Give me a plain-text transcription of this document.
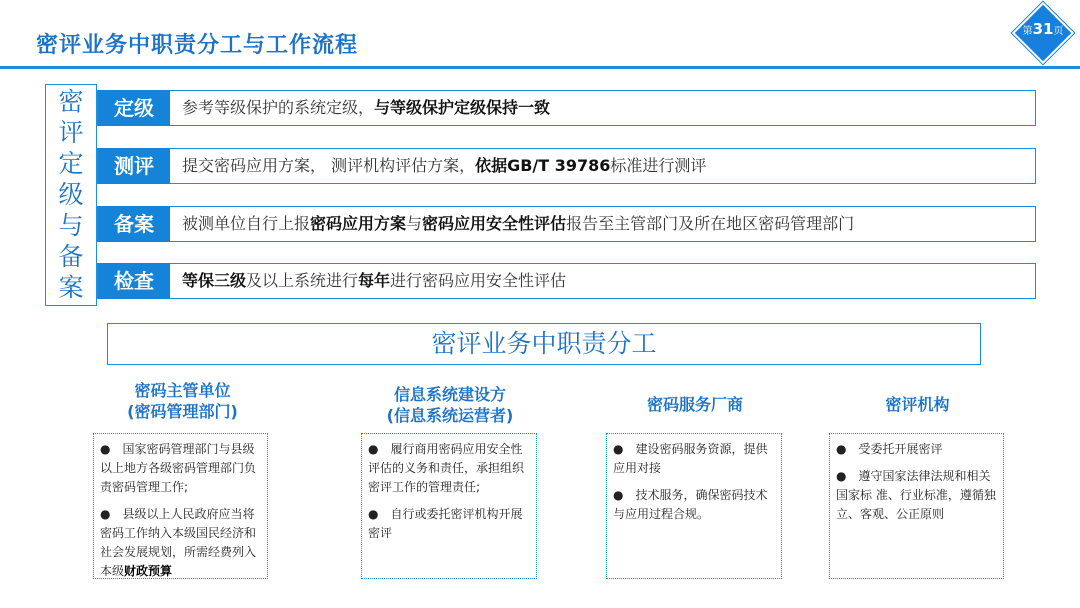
密评业务中职责分工与工作流程
第31页
密
评
定
级
与
备
案
定级	参考等级保护的系统定级，与等级保护定级保持一致
测评	提交密码应用方案， 测评机构评估方案，依据GB/T 39786标准进行测评
备案	被测单位自行上报密码应用方案与密码应用安全性评估报告至主管部门及所在地区密码管理部门
检查	等保三级及以上系统进行每年进行密码应用安全性评估
密评业务中职责分工
密码主管单位
(密码管理部门)

●　国家密码管理部门与县级以上地方各级密码管理部门负责密码管理工作;

●　县级以上人民政府应当将密码工作纳入本级国民经济和社会发展规划，所需经费列入本级财政预算

信息系统建设方
(信息系统运营者)

●　履行商用密码应用安全性评估的义务和责任，承担组织密评工作的管理责任;

●　自行或委托密评机构开展密评

密码服务厂商

●　建设密码服务资源，提供应用对接

●　技术服务，确保密码技术与应用过程合规。

密评机构

●　受委托开展密评

●　遵守国家法律法规和相关国家标 准、行业标准，遵循独立、客观、公正原则
